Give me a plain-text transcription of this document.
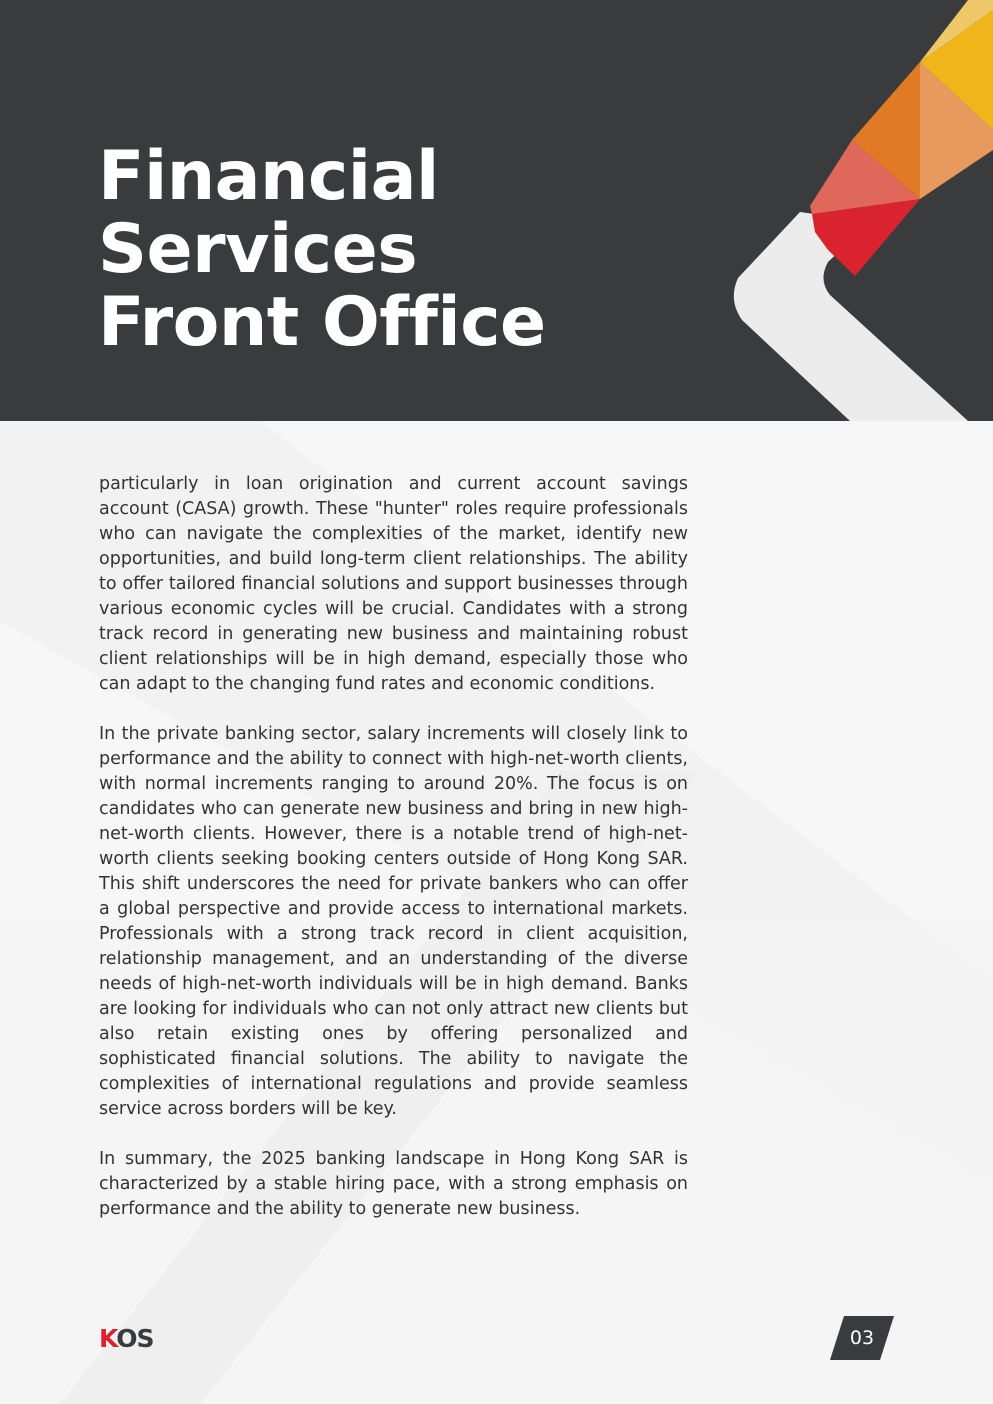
Financial
Services
Front Office

particularly in loan origination and current account savings account (CASA) growth. These "hunter" roles require professionals who can navigate the complexities of the market, identify new opportunities, and build long-term client relationships. The ability to offer tailored financial solutions and support businesses through various economic cycles will be crucial. Candidates with a strong track record in generating new business and maintaining robust client relationships will be in high demand, especially those who can adapt to the changing fund rates and economic conditions.

In the private banking sector, salary increments will closely link to performance and the ability to connect with high-net-worth clients, with normal increments ranging to around 20%. The focus is on candidates who can generate new business and bring in new high-net-worth clients. However, there is a notable trend of high-net-worth clients seeking booking centers outside of Hong Kong SAR. This shift underscores the need for private bankers who can offer a global perspective and provide access to international markets. Professionals with a strong track record in client acquisition, relationship management, and an understanding of the diverse needs of high-net-worth individuals will be in high demand. Banks are looking for individuals who can not only attract new clients but also retain existing ones by offering personalized and sophisticated financial solutions. The ability to navigate the complexities of international regulations and provide seamless service across borders will be key.

In summary, the 2025 banking landscape in Hong Kong SAR is characterized by a stable hiring pace, with a strong emphasis on performance and the ability to generate new business.

KOS	03
